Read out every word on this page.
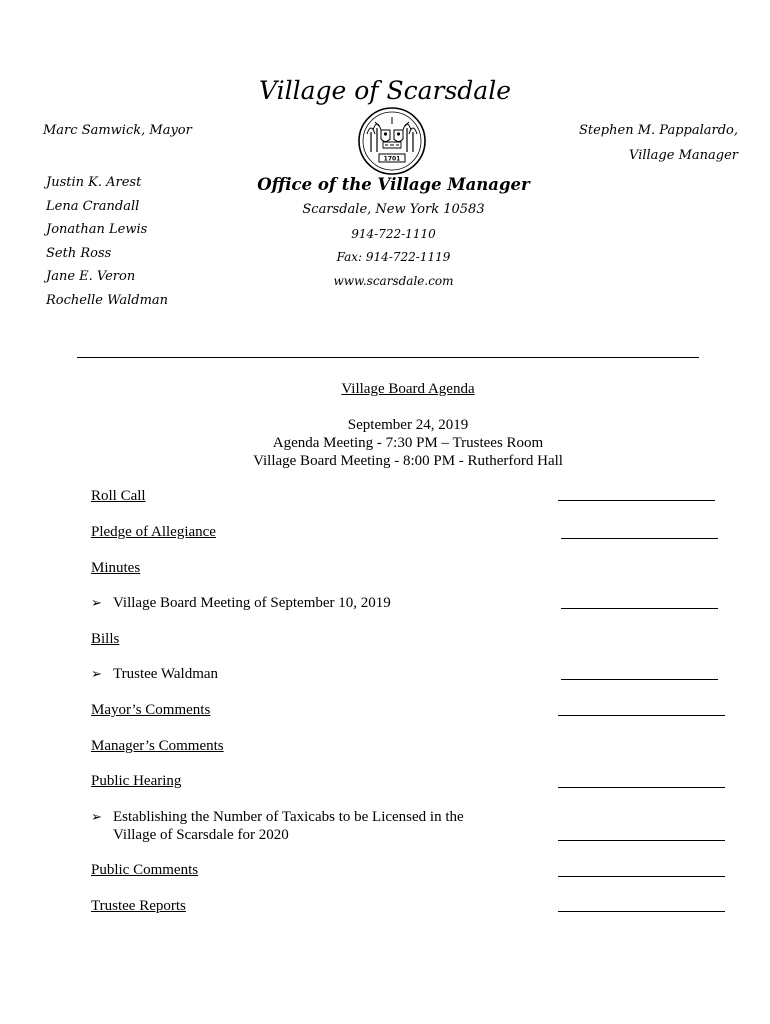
Village of Scarsdale
Marc Samwick, Mayor	Stephen M. Pappalardo,
Village Manager
Justin K. Arest
Lena Crandall
Jonathan Lewis
Seth Ross
Jane E. Veron
Rochelle Waldman
1701
Office of the Village Manager
Scarsdale, New York 10583
914-722-1110
Fax: 914-722-1119
www.scarsdale.com
Village Board Agenda
September 24, 2019
Agenda Meeting - 7:30 PM – Trustees Room
Village Board Meeting - 8:00 PM - Rutherford Hall
Roll Call
Pledge of Allegiance
Minutes
➢ Village Board Meeting of September 10, 2019
Bills
➢ Trustee Waldman
Mayor’s Comments
Manager’s Comments
Public Hearing
➢ Establishing the Number of Taxicabs to be Licensed in the
Village of Scarsdale for 2020
Public Comments
Trustee Reports
